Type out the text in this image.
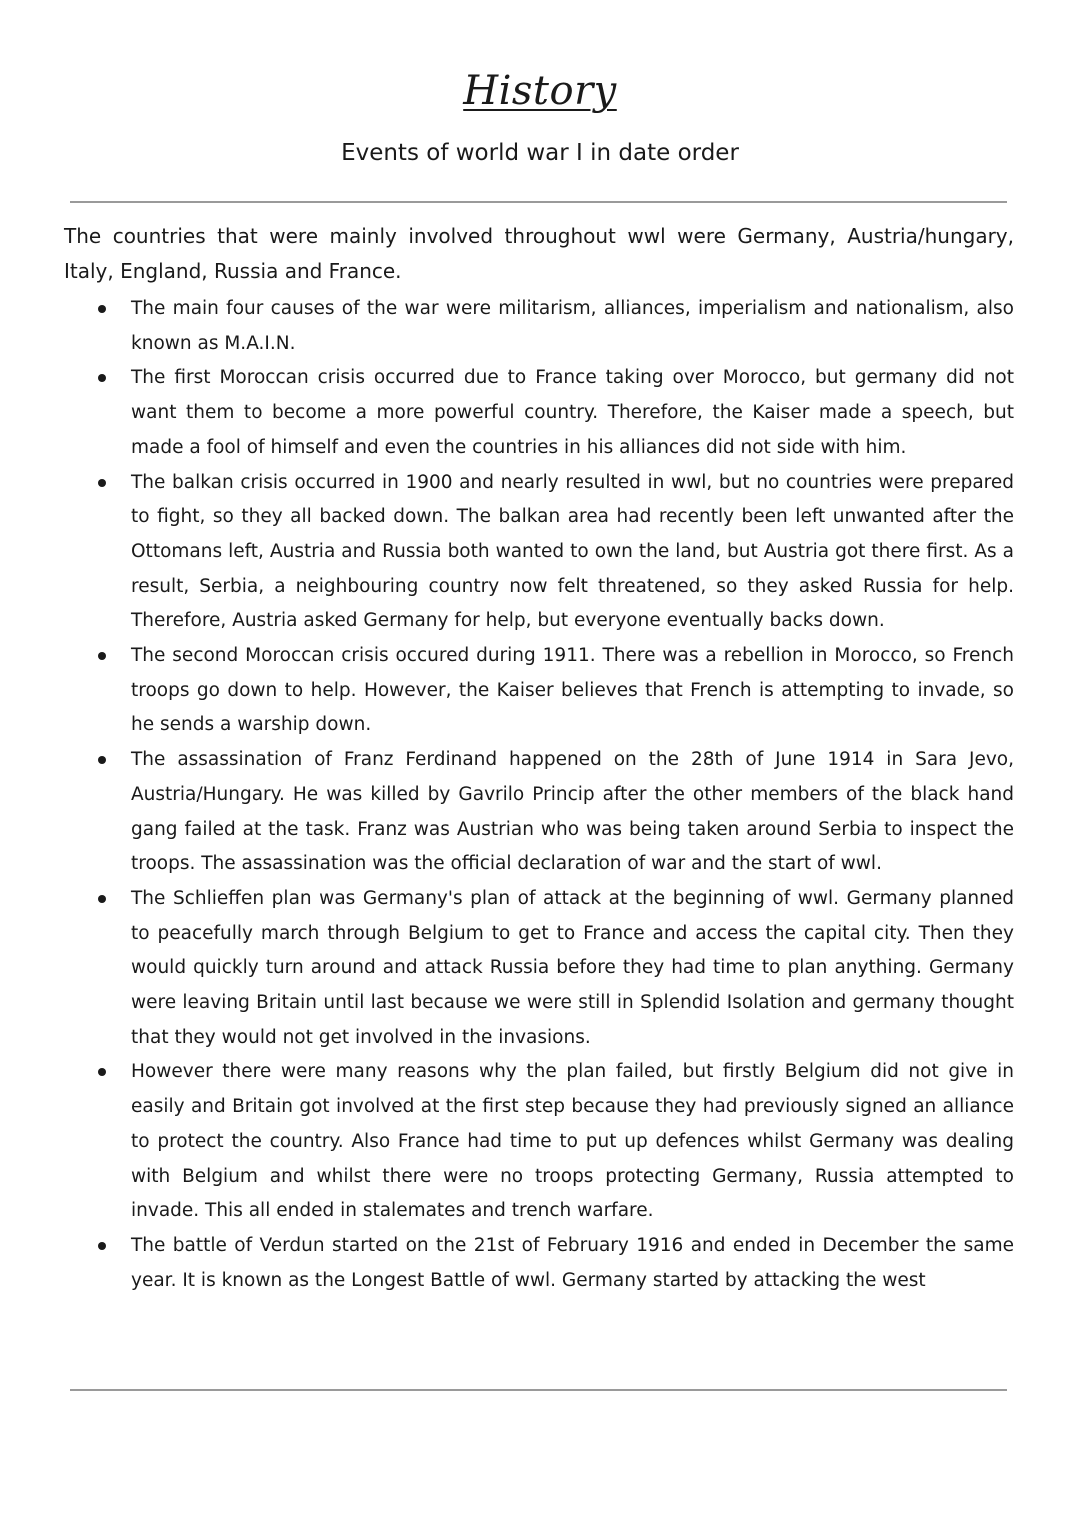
History
Events of world war I in date order

The countries that were mainly involved throughout wwl were Germany, Austria/hungary, Italy, England, Russia and France.

The main four causes of the war were militarism, alliances, imperialism and nationalism, also known as M.A.I.N.
The first Moroccan crisis occurred due to France taking over Morocco, but germany did not want them to become a more powerful country. Therefore, the Kaiser made a speech, but made a fool of himself and even the countries in his alliances did not side with him.
The balkan crisis occurred in 1900 and nearly resulted in wwl, but no countries were prepared to fight, so they all backed down. The balkan area had recently been left unwanted after the Ottomans left, Austria and Russia both wanted to own the land, but Austria got there first. As a result, Serbia, a neighbouring country now felt threatened, so they asked Russia for help. Therefore, Austria asked Germany for help, but everyone eventually backs down.
The second Moroccan crisis occured during 1911. There was a rebellion in Morocco, so French troops go down to help. However, the Kaiser believes that French is attempting to invade, so he sends a warship down.
The assassination of Franz Ferdinand happened on the 28th of June 1914 in Sara Jevo, Austria/Hungary. He was killed by Gavrilo Princip after the other members of the black hand gang failed at the task. Franz was Austrian who was being taken around Serbia to inspect the troops. The assassination was the official declaration of war and the start of wwl.
The Schlieffen plan was Germany's plan of attack at the beginning of wwl. Germany planned to peacefully march through Belgium to get to France and access the capital city. Then they would quickly turn around and attack Russia before they had time to plan anything. Germany were leaving Britain until last because we were still in Splendid Isolation and germany thought that they would not get involved in the invasions.
However there were many reasons why the plan failed, but firstly Belgium did not give in easily and Britain got involved at the first step because they had previously signed an alliance to protect the country. Also France had time to put up defences whilst Germany was dealing with Belgium and whilst there were no troops protecting Germany, Russia attempted to invade. This all ended in stalemates and trench warfare.
The battle of Verdun started on the 21st of February 1916 and ended in December the same year. It is known as the Longest Battle of wwl. Germany started by attacking the west
